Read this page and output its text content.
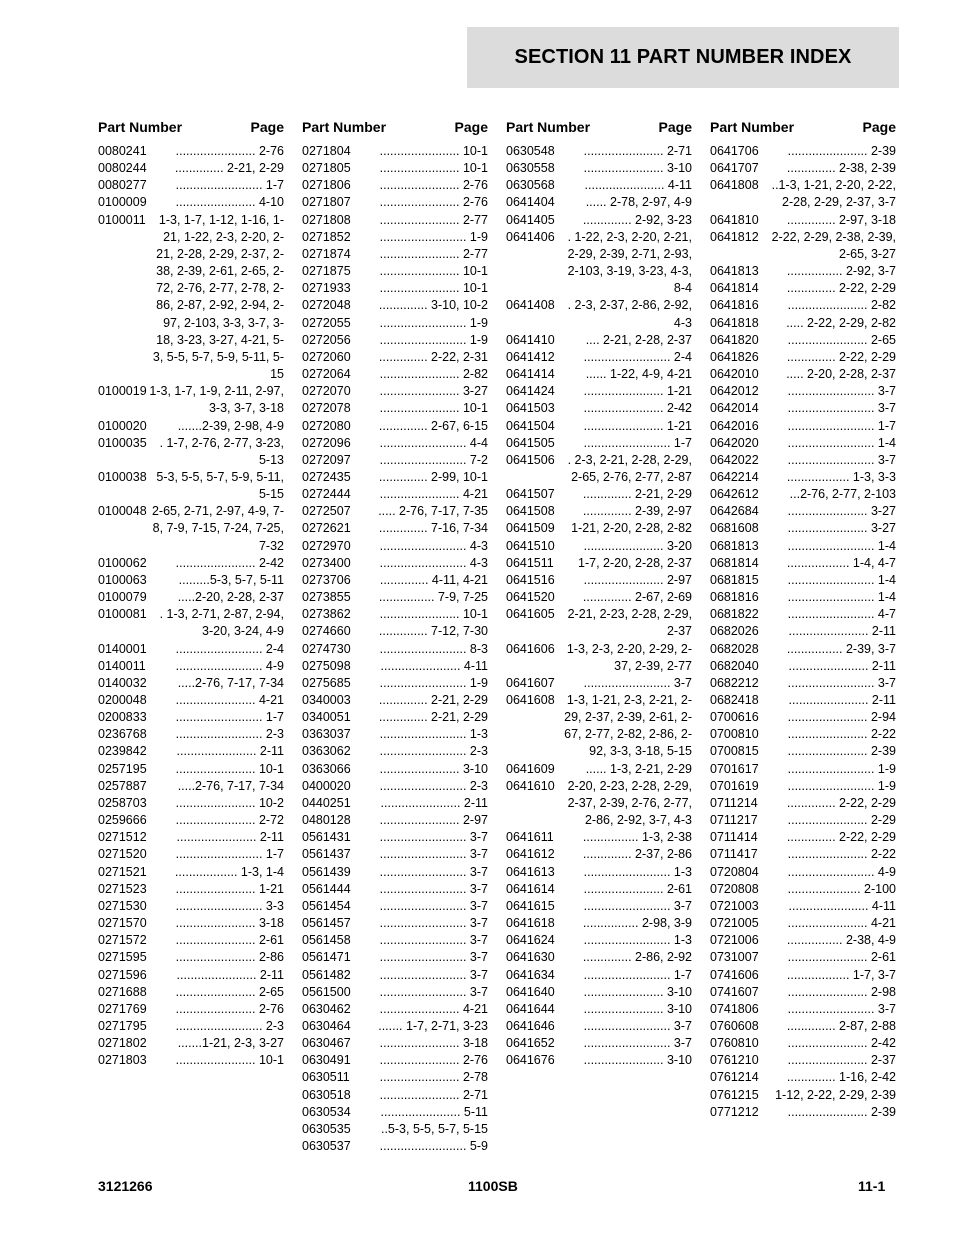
SECTION 11 PART NUMBER INDEX
Part Number	Page
0080241	....................... 2-76
0080244	.............. 2-21, 2-29
0080277	......................... 1-7
0100009	....................... 4-10
0100011	1-3, 1-7, 1-12, 1-16, 1-21, 1-22, 2-3, 2-20, 2-21, 2-28, 2-29, 2-37, 2-38, 2-39, 2-61, 2-65, 2-72, 2-76, 2-77, 2-78, 2-86, 2-87, 2-92, 2-94, 2-97, 2-103, 3-3, 3-7, 3-18, 3-23, 3-27, 4-21, 5-3, 5-5, 5-7, 5-9, 5-11, 5-15
0100019 1-3, 1-7, 1-9, 2-11, 2-97, 3-3, 3-7, 3-18
0100020	.......2-39, 2-98, 4-9
0100035	. 1-7, 2-76, 2-77, 3-23, 5-13
0100038 5-3, 5-5, 5-7, 5-9, 5-11, 5-15
0100048 2-65, 2-71, 2-97, 4-9, 7-8, 7-9, 7-15, 7-24, 7-25, 7-32
0100062	....................... 2-42
0100063	.........5-3, 5-7, 5-11
0100079	.....2-20, 2-28, 2-37
0100081	. 1-3, 2-71, 2-87, 2-94, 3-20, 3-24, 4-9
0140001	......................... 2-4
0140011	......................... 4-9
0140032	.....2-76, 7-17, 7-34
0200048	....................... 4-21
0200833	......................... 1-7
0236768	......................... 2-3
0239842	....................... 2-11
0257195	....................... 10-1
0257887	.....2-76, 7-17, 7-34
0258703	....................... 10-2
0259666	....................... 2-72
0271512	....................... 2-11
0271520	......................... 1-7
0271521	.................. 1-3, 1-4
0271523	....................... 1-21
0271530	......................... 3-3
0271570	....................... 3-18
0271572	....................... 2-61
0271595	....................... 2-86
0271596	....................... 2-11
0271688	....................... 2-65
0271769	....................... 2-76
0271795	......................... 2-3
0271802	.......1-21, 2-3, 3-27
0271803	....................... 10-1
Part Number	Page
0271804	....................... 10-1
0271805	....................... 10-1
0271806	....................... 2-76
0271807	....................... 2-76
0271808	....................... 2-77
0271852	......................... 1-9
0271874	....................... 2-77
0271875	....................... 10-1
0271933	....................... 10-1
0272048	.............. 3-10, 10-2
0272055	......................... 1-9
0272056	......................... 1-9
0272060	.............. 2-22, 2-31
0272064	....................... 2-82
0272070	....................... 3-27
0272078	....................... 10-1
0272080	.............. 2-67, 6-15
0272096	......................... 4-4
0272097	......................... 7-2
0272435	.............. 2-99, 10-1
0272444	....................... 4-21
0272507	..... 2-76, 7-17, 7-35
0272621	.............. 7-16, 7-34
0272970	......................... 4-3
0273400	......................... 4-3
0273706	.............. 4-11, 4-21
0273855	................ 7-9, 7-25
0273862	....................... 10-1
0274660	.............. 7-12, 7-30
0274730	......................... 8-3
0275098	....................... 4-11
0275685	......................... 1-9
0340003	.............. 2-21, 2-29
0340051	.............. 2-21, 2-29
0363037	......................... 1-3
0363062	......................... 2-3
0363066	....................... 3-10
0400020	......................... 2-3
0440251	....................... 2-11
0480128	....................... 2-97
0561431	......................... 3-7
0561437	......................... 3-7
0561439	......................... 3-7
0561444	......................... 3-7
0561454	......................... 3-7
0561457	......................... 3-7
0561458	......................... 3-7
0561471	......................... 3-7
0561482	......................... 3-7
0561500	......................... 3-7
0630462	....................... 4-21
0630464	....... 1-7, 2-71, 3-23
0630467	....................... 3-18
0630491	....................... 2-76
0630511	....................... 2-78
0630518	....................... 2-71
0630534	....................... 5-11
0630535	..5-3, 5-5, 5-7, 5-15
0630537	......................... 5-9
Part Number	Page
0630548	....................... 2-71
0630558	....................... 3-10
0630568	....................... 4-11
0641404	...... 2-78, 2-97, 4-9
0641405	.............. 2-92, 3-23
0641406	. 1-22, 2-3, 2-20, 2-21, 2-29, 2-39, 2-71, 2-93, 2-103, 3-19, 3-23, 4-3, 8-4
0641408	. 2-3, 2-37, 2-86, 2-92, 4-3
0641410	.... 2-21, 2-28, 2-37
0641412	......................... 2-4
0641414	...... 1-22, 4-9, 4-21
0641424	....................... 1-21
0641503	....................... 2-42
0641504	....................... 1-21
0641505	......................... 1-7
0641506	. 2-3, 2-21, 2-28, 2-29, 2-65, 2-76, 2-77, 2-87
0641507	.............. 2-21, 2-29
0641508	.............. 2-39, 2-97
0641509	1-21, 2-20, 2-28, 2-82
0641510	....................... 3-20
0641511	1-7, 2-20, 2-28, 2-37
0641516	....................... 2-97
0641520	.............. 2-67, 2-69
0641605	2-21, 2-23, 2-28, 2-29, 2-37
0641606 1-3, 2-3, 2-20, 2-29, 2-37, 2-39, 2-77
0641607	......................... 3-7
0641608 1-3, 1-21, 2-3, 2-21, 2-29, 2-37, 2-39, 2-61, 2-67, 2-77, 2-82, 2-86, 2-92, 3-3, 3-18, 5-15
0641609	...... 1-3, 2-21, 2-29
0641610	2-20, 2-23, 2-28, 2-29, 2-37, 2-39, 2-76, 2-77, 2-86, 2-92, 3-7, 4-3
0641611	................ 1-3, 2-38
0641612	.............. 2-37, 2-86
0641613	......................... 1-3
0641614	....................... 2-61
0641615	......................... 3-7
0641618	................ 2-98, 3-9
0641624	......................... 1-3
0641630	.............. 2-86, 2-92
0641634	......................... 1-7
0641640	....................... 3-10
0641644	....................... 3-10
0641646	......................... 3-7
0641652	......................... 3-7
0641676	....................... 3-10
Part Number	Page
0641706	....................... 2-39
0641707	.............. 2-38, 2-39
0641808	..1-3, 1-21, 2-20, 2-22, 2-28, 2-29, 2-37, 3-7
0641810	.............. 2-97, 3-18
0641812	2-22, 2-29, 2-38, 2-39, 2-65, 3-27
0641813	................ 2-92, 3-7
0641814	.............. 2-22, 2-29
0641816	....................... 2-82
0641818	..... 2-22, 2-29, 2-82
0641820	....................... 2-65
0641826	.............. 2-22, 2-29
0642010	..... 2-20, 2-28, 2-37
0642012	......................... 3-7
0642014	......................... 3-7
0642016	......................... 1-7
0642020	......................... 1-4
0642022	......................... 3-7
0642214	.................. 1-3, 3-3
0642612	...2-76, 2-77, 2-103
0642684	....................... 3-27
0681608	....................... 3-27
0681813	......................... 1-4
0681814	.................. 1-4, 4-7
0681815	......................... 1-4
0681816	......................... 1-4
0681822	......................... 4-7
0682026	....................... 2-11
0682028	................ 2-39, 3-7
0682040	....................... 2-11
0682212	......................... 3-7
0682418	....................... 2-11
0700616	....................... 2-94
0700810	....................... 2-22
0700815	....................... 2-39
0701617	......................... 1-9
0701619	......................... 1-9
0711214	.............. 2-22, 2-29
0711217	....................... 2-29
0711414	.............. 2-22, 2-29
0711417	....................... 2-22
0720804	......................... 4-9
0720808	..................... 2-100
0721003	....................... 4-11
0721005	....................... 4-21
0721006	................ 2-38, 4-9
0731007	....................... 2-61
0741606	.................. 1-7, 3-7
0741607	....................... 2-98
0741806	......................... 3-7
0760608	.............. 2-87, 2-88
0760810	....................... 2-42
0761210	....................... 2-37
0761214	.............. 1-16, 2-42
0761215	1-12, 2-22, 2-29, 2-39
0771212	....................... 2-39
3121266	1100SB	11-1
